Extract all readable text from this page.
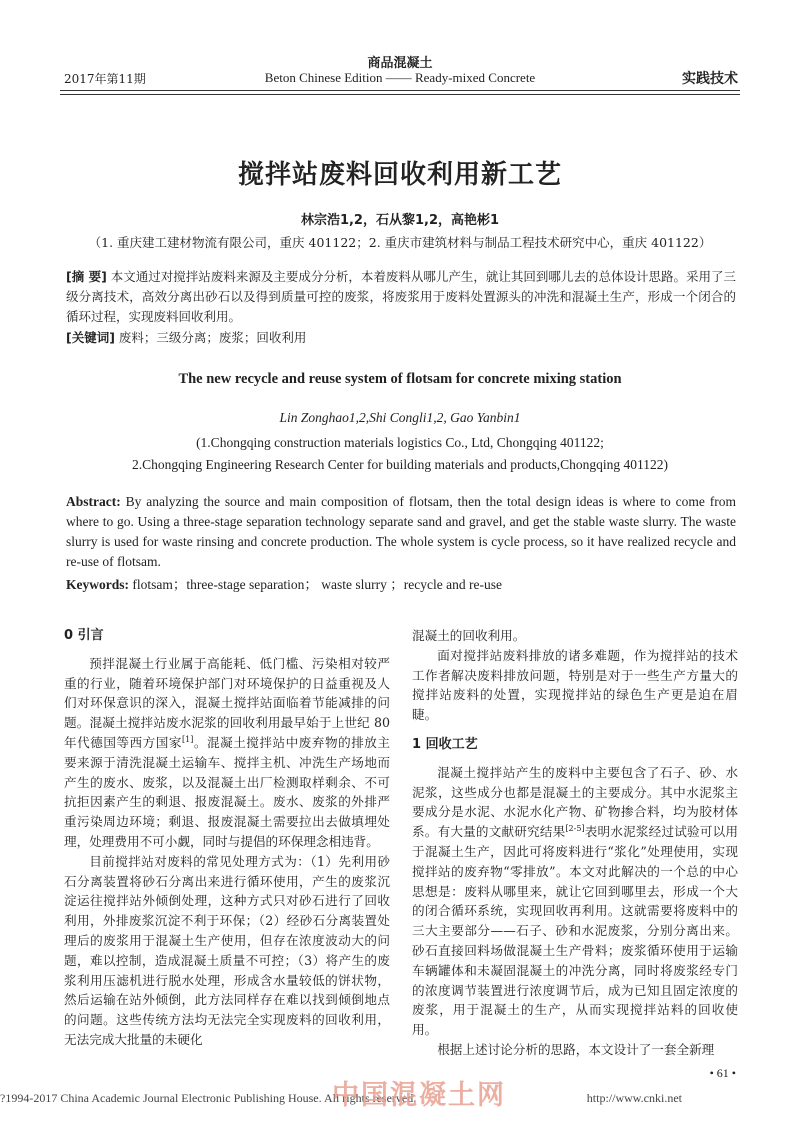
商品混凝土
2017年第11期	Beton Chinese Edition —— Ready-mixed Concrete	实践技术
搅拌站废料回收利用新工艺
林宗浩1,2，石从黎1,2，高艳彬1
（1. 重庆建工建材物流有限公司，重庆 401122；2. 重庆市建筑材料与制品工程技术研究中心，重庆 401122）
[摘 要] 本文通过对搅拌站废料来源及主要成分分析，本着废料从哪儿产生，就让其回到哪儿去的总体设计思路。采用了三级分离技术，高效分离出砂石以及得到质量可控的废浆，将废浆用于废料处置源头的冲洗和混凝土生产，形成一个闭合的循环过程，实现废料回收利用。
[关键词] 废料；三级分离；废浆；回收利用
The new recycle and reuse system of flotsam for concrete mixing station
Lin Zonghao1,2,Shi Congli1,2, Gao Yanbin1
(1.Chongqing construction materials logistics Co., Ltd, Chongqing 401122;
2.Chongqing Engineering Research Center for building materials and products,Chongqing 401122)
Abstract: By analyzing the source and main composition of flotsam, then the total design ideas is where to come from where to go. Using a three-stage separation technology separate sand and gravel, and get the stable waste slurry. The waste slurry is used for waste rinsing and concrete production. The whole system is cycle process, so it have realized recycle and re-use of flotsam.
Keywords: flotsam；three-stage separation； waste slurry ；recycle and re-use
0 引言

预拌混凝土行业属于高能耗、低门槛、污染相对较严重的行业，随着环境保护部门对环境保护的日益重视及人们对环保意识的深入，混凝土搅拌站面临着节能减排的问题。混凝土搅拌站废水泥浆的回收利用最早始于上世纪 80 年代德国等西方国家[1]。混凝土搅拌站中废弃物的排放主要来源于清洗混凝土运输车、搅拌主机、冲洗生产场地而产生的废水、废浆，以及混凝土出厂检测取样剩余、不可抗拒因素产生的剩退、报废混凝土。废水、废浆的外排严重污染周边环境；剩退、报废混凝土需要拉出去做填埋处理，处理费用不可小觑，同时与提倡的环保理念相违背。

目前搅拌站对废料的常见处理方式为：（1）先利用砂石分离装置将砂石分离出来进行循环使用，产生的废浆沉淀运往搅拌站外倾倒处理，这种方式只对砂石进行了回收利用，外排废浆沉淀不利于环保；（2）经砂石分离装置处理后的废浆用于混凝土生产使用，但存在浓度波动大的问题，难以控制，造成混凝土质量不可控；（3）将产生的废浆利用压滤机进行脱水处理，形成含水量较低的饼状物，然后运输在站外倾倒，此方法同样存在难以找到倾倒地点的问题。这些传统方法均无法完全实现废料的回收利用，无法完成大批量的未硬化

混凝土的回收利用。

面对搅拌站废料排放的诸多难题，作为搅拌站的技术工作者解决废料排放问题，特别是对于一些生产方量大的搅拌站废料的处置，实现搅拌站的绿色生产更是迫在眉睫。

1 回收工艺

混凝土搅拌站产生的废料中主要包含了石子、砂、水泥浆，这些成分也都是混凝土的主要成分。其中水泥浆主要成分是水泥、水泥水化产物、矿物掺合料，均为胶材体系。有大量的文献研究结果[2-5]表明水泥浆经过试验可以用于混凝土生产，因此可将废料进行“浆化”处理使用，实现搅拌站的废弃物“零排放”。本文对此解决的一个总的中心思想是：废料从哪里来，就让它回到哪里去，形成一个大的闭合循环系统，实现回收再利用。这就需要将废料中的三大主要部分——石子、砂和水泥废浆，分别分离出来。砂石直接回料场做混凝土生产骨料；废浆循环使用于运输车辆罐体和未凝固混凝土的冲洗分离，同时将废浆经专门的浓度调节装置进行浓度调节后，成为已知且固定浓度的废浆，用于混凝土的生产，从而实现搅拌站料的回收使用。

根据上述讨论分析的思路，本文设计了一套全新理

• 61 •
?1994-2017 China Academic Journal Electronic Publishing House. All rights reserved.	http://www.cnki.net
中国混凝土网
